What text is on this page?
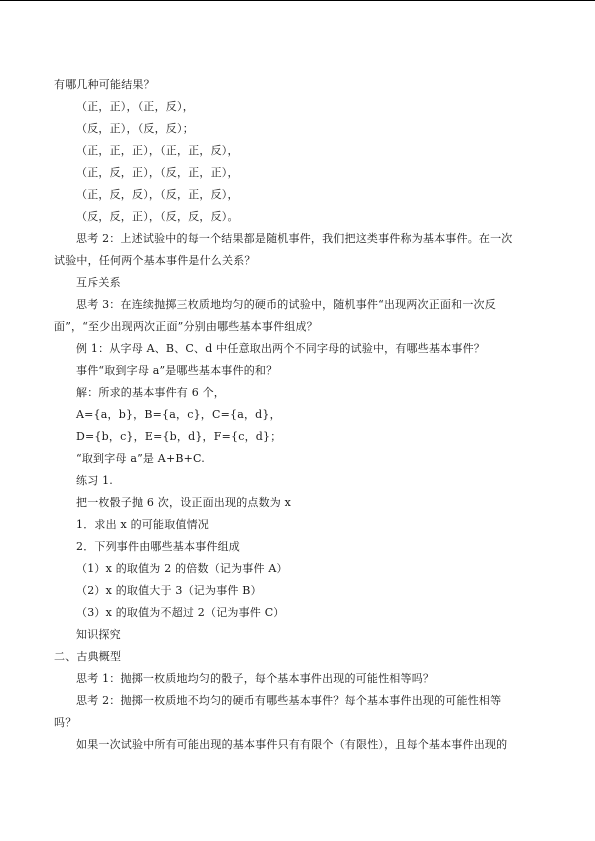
有哪几种可能结果？
（正，正），（正，反），
（反，正），（反，反）；
（正，正，正），（正，正，反），
（正，反，正），（反，正，正），
（正，反，反），（反，正，反），
（反，反，正），（反，反，反）。
思考 2：上述试验中的每一个结果都是随机事件，我们把这类事件称为基本事件。在一次
试验中，任何两个基本事件是什么关系？
互斥关系
思考 3：在连续抛掷三枚质地均匀的硬币的试验中，随机事件“出现两次正面和一次反
面”，“至少出现两次正面”分别由哪些基本事件组成？
例 1：从字母 A、B、C、d 中任意取出两个不同字母的试验中，有哪些基本事件？
事件“取到字母 a”是哪些基本事件的和？
解：所求的基本事件有 6 个，
A={a，b}，B={a，c}，C={a，d}，
D={b，c}，E={b，d}，F={c，d}；
“取到字母 a”是 A+B+C.
练习 1.
把一枚骰子抛 6 次，设正面出现的点数为 x
1．求出 x 的可能取值情况
2．下列事件由哪些基本事件组成
（1）x 的取值为 2 的倍数（记为事件 A）
（2）x 的取值大于 3（记为事件 B）
（3）x 的取值为不超过 2（记为事件 C）
知识探究
二、古典概型
思考 1：抛掷一枚质地均匀的骰子，每个基本事件出现的可能性相等吗？
思考 2：抛掷一枚质地不均匀的硬币有哪些基本事件？每个基本事件出现的可能性相等
吗？
如果一次试验中所有可能出现的基本事件只有有限个（有限性），且每个基本事件出现的
